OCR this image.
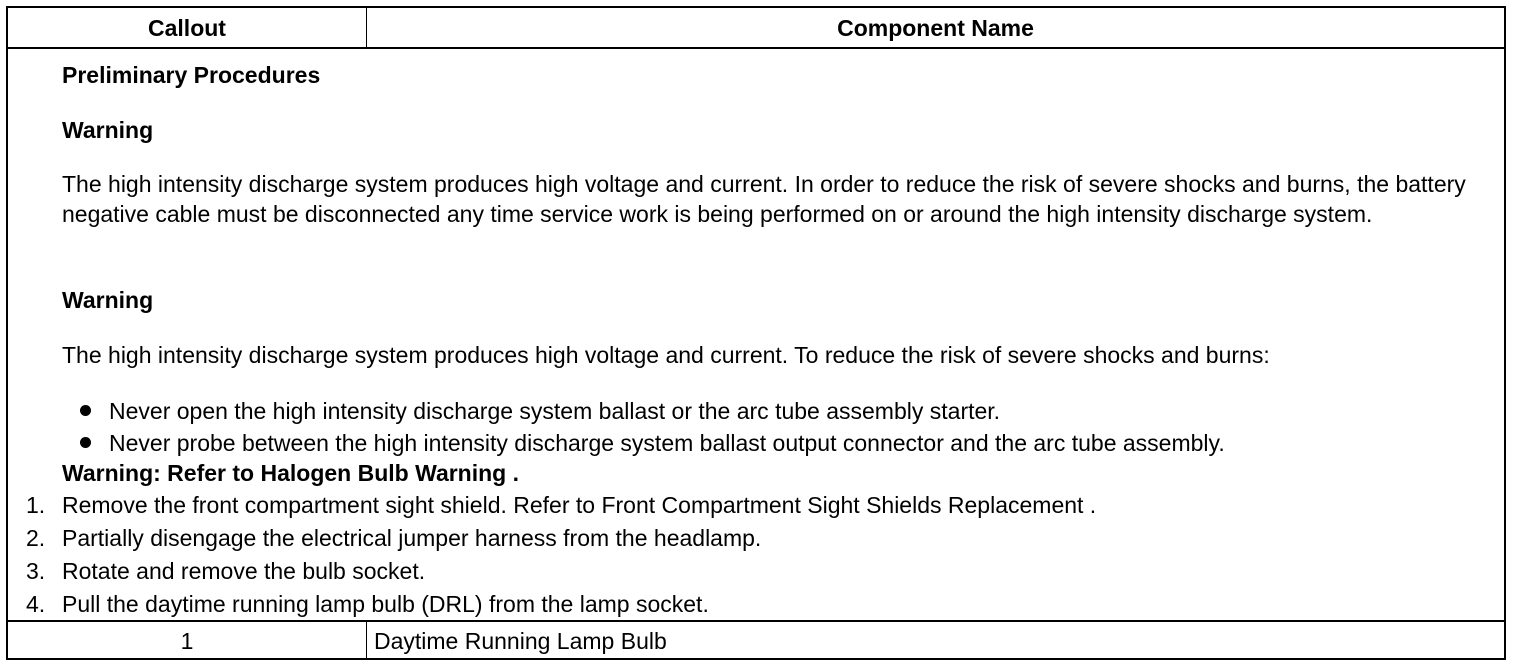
Callout	Component Name
Preliminary Procedures
Warning
The high intensity discharge system produces high voltage and current. In order to reduce the risk of severe shocks and burns, the battery negative cable must be disconnected any time service work is being performed on or around the high intensity discharge system.
Warning
The high intensity discharge system produces high voltage and current. To reduce the risk of severe shocks and burns:
Never open the high intensity discharge system ballast or the arc tube assembly starter.
Never probe between the high intensity discharge system ballast output connector and the arc tube assembly.
Warning: Refer to Halogen Bulb Warning .
1. Remove the front compartment sight shield. Refer to Front Compartment Sight Shields Replacement .
2. Partially disengage the electrical jumper harness from the headlamp.
3. Rotate and remove the bulb socket.
4. Pull the daytime running lamp bulb (DRL) from the lamp socket.
1	Daytime Running Lamp Bulb
